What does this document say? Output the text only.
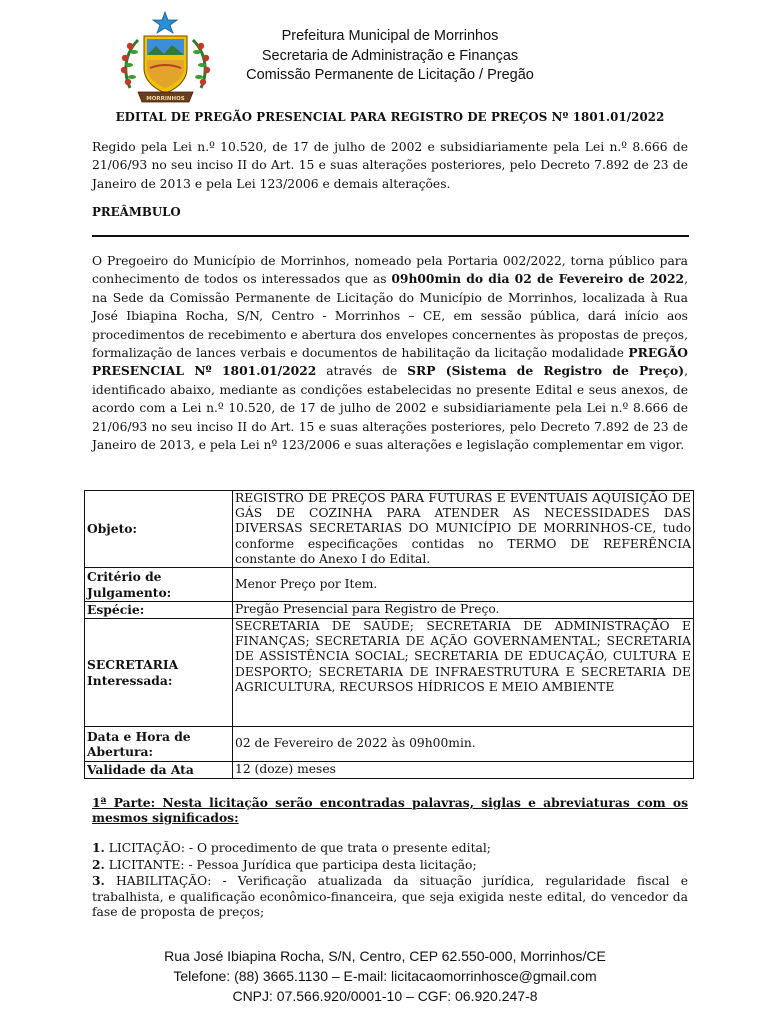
MORRINHOS
Prefeitura Municipal de Morrinhos
Secretaria de Administração e Finanças
Comissão Permanente de Licitação / Pregão
EDITAL DE PREGÃO PRESENCIAL PARA REGISTRO DE PREÇOS Nº 1801.01/2022
Regido pela Lei n.º 10.520, de 17 de julho de 2002 e subsidiariamente pela Lei n.º 8.666 de 21/06/93 no seu inciso II do Art. 15 e suas alterações posteriores, pelo Decreto 7.892 de 23 de Janeiro de 2013 e pela Lei 123/2006 e demais alterações.
PREÂMBULO
O Pregoeiro do Município de Morrinhos, nomeado pela Portaria 002/2022, torna público para conhecimento de todos os interessados que as 09h00min do dia 02 de Fevereiro de 2022, na Sede da Comissão Permanente de Licitação do Município de Morrinhos, localizada à Rua José Ibiapina Rocha, S/N, Centro - Morrinhos – CE, em sessão pública, dará início aos procedimentos de recebimento e abertura dos envelopes concernentes às propostas de preços, formalização de lances verbais e documentos de habilitação da licitação modalidade PREGÃO PRESENCIAL Nº 1801.01/2022 através de SRP (Sistema de Registro de Preço), identificado abaixo, mediante as condições estabelecidas no presente Edital e seus anexos, de acordo com a Lei n.º 10.520, de 17 de julho de 2002 e subsidiariamente pela Lei n.º 8.666 de 21/06/93 no seu inciso II do Art. 15 e suas alterações posteriores, pelo Decreto 7.892 de 23 de Janeiro de 2013, e pela Lei nº 123/2006 e suas alterações e legislação complementar em vigor.
Objeto:	REGISTRO DE PREÇOS PARA FUTURAS E EVENTUAIS AQUISIÇÃO DE GÁS DE COZINHA PARA ATENDER AS NECESSIDADES DAS DIVERSAS SECRETARIAS DO MUNICÍPIO DE MORRINHOS-CE, tudo conforme especificações contidas no TERMO DE REFERÊNCIA constante do Anexo I do Edital.
Critério de Julgamento:	Menor Preço por Item.
Espécie:	Pregão Presencial para Registro de Preço.

SECRETARIA
Interessada:	SECRETARIA DE SAÚDE; SECRETARIA DE ADMINISTRAÇÃO E FINANÇAS; SECRETARIA DE AÇÃO GOVERNAMENTAL; SECRETARIA DE ASSISTÊNCIA SOCIAL; SECRETARIA DE EDUCAÇÃO, CULTURA E DESPORTO; SECRETARIA DE INFRAESTRUTURA E SECRETARIA DE AGRICULTURA, RECURSOS HÍDRICOS E MEIO AMBIENTE
Data e Hora de Abertura:	02 de Fevereiro de 2022 às 09h00min.
Validade da Ata	12 (doze) meses
1ª Parte: Nesta licitação serão encontradas palavras, siglas e abreviaturas com os mesmos significados:

1. LICITAÇÃO: - O procedimento de que trata o presente edital;

2. LICITANTE: - Pessoa Jurídica que participa desta licitação;

3. HABILITAÇÃO: - Verificação atualizada da situação jurídica, regularidade fiscal e trabalhista, e qualificação econômico-financeira, que seja exigida neste edital, do vencedor da fase de proposta de preços;

Rua José Ibiapina Rocha, S/N, Centro, CEP 62.550-000, Morrinhos/CE
Telefone: (88) 3665.1130 – E-mail: licitacaomorrinhosce@gmail.com
CNPJ: 07.566.920/0001-10 – CGF: 06.920.247-8
